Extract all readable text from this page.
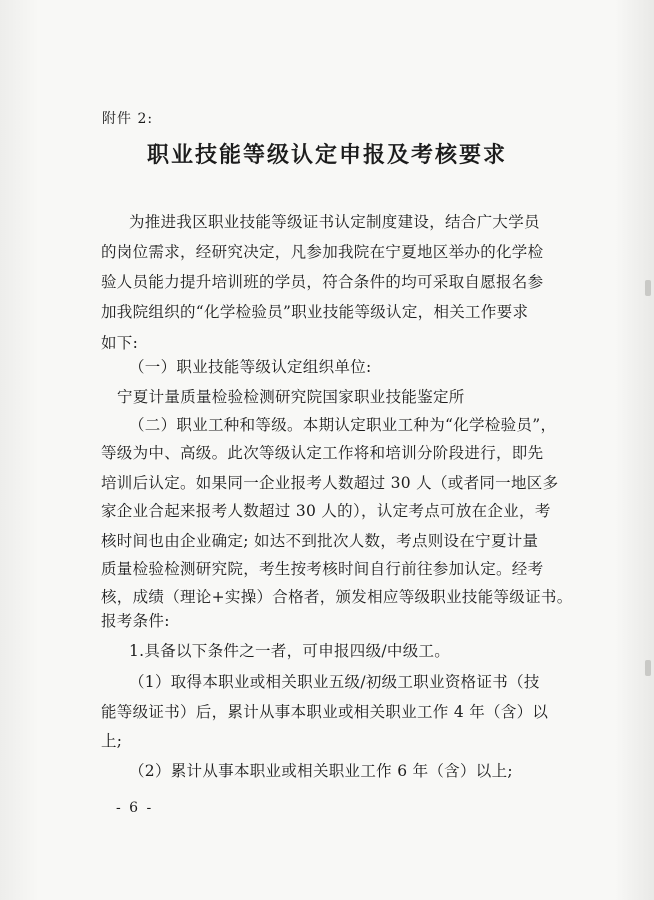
附件 2:
职业技能等级认定申报及考核要求
为推进我区职业技能等级证书认定制度建设，结合广大学员
的岗位需求，经研究决定，凡参加我院在宁夏地区举办的化学检
验人员能力提升培训班的学员，符合条件的均可采取自愿报名参
加我院组织的“化学检验员”职业技能等级认定，相关工作要求
如下:
（一）职业技能等级认定组织单位:
宁夏计量质量检验检测研究院国家职业技能鉴定所
（二）职业工种和等级。本期认定职业工种为“化学检验员”，
等级为中、高级。此次等级认定工作将和培训分阶段进行，即先
培训后认定。如果同一企业报考人数超过 30 人（或者同一地区多
家企业合起来报考人数超过 30 人的），认定考点可放在企业，考
核时间也由企业确定; 如达不到批次人数，考点则设在宁夏计量
质量检验检测研究院，考生按考核时间自行前往参加认定。经考
核，成绩（理论+实操）合格者，颁发相应等级职业技能等级证书。
报考条件:
1.具备以下条件之一者，可申报四级/中级工。
（1）取得本职业或相关职业五级/初级工职业资格证书（技
能等级证书）后，累计从事本职业或相关职业工作 4 年（含）以
上;
（2）累计从事本职业或相关职业工作 6 年（含）以上;
- 6 -
